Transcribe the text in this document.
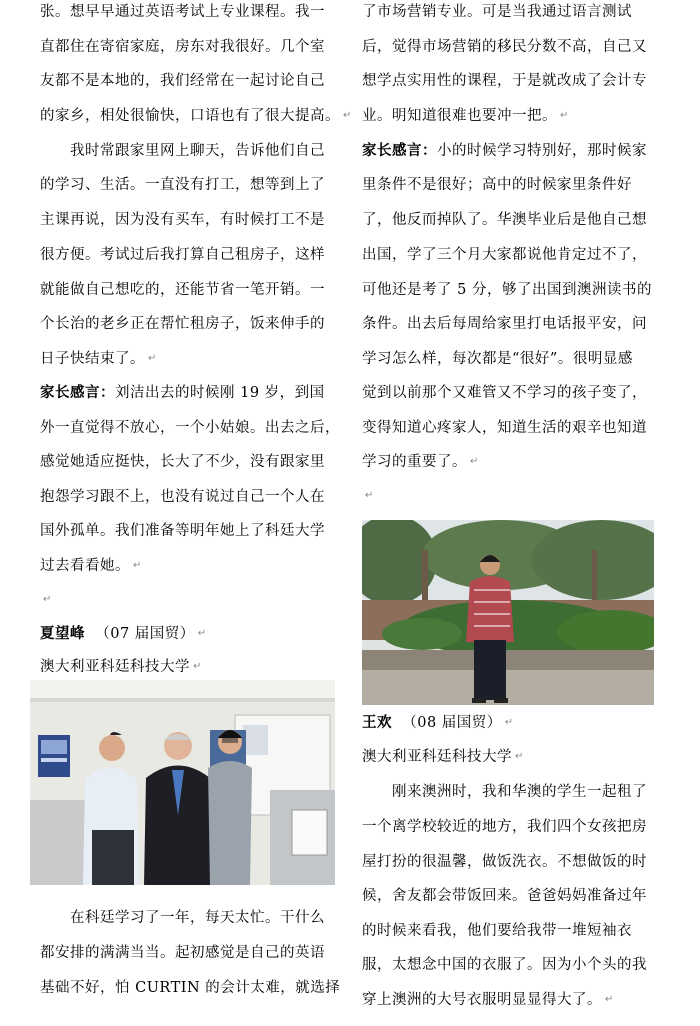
张。想早早通过英语考试上专业课程。我一
直都住在寄宿家庭，房东对我很好。几个室
友都不是本地的，我们经常在一起讨论自己
的家乡，相处很愉快，口语也有了很大提高。 ↵
我时常跟家里网上聊天，告诉他们自己
的学习、生活。一直没有打工，想等到上了
主课再说，因为没有买车，有时候打工不是
很方便。考试过后我打算自己租房子，这样
就能做自己想吃的，还能节省一笔开销。一
个长治的老乡正在帮忙租房子，饭来伸手的
日子快结束了。 ↵
家长感言：刘洁出去的时候刚 19 岁，到国
外一直觉得不放心，一个小姑娘。出去之后，
感觉她适应挺快，长大了不少，没有跟家里
抱怨学习跟不上，也没有说过自己一个人在
国外孤单。我们准备等明年她上了科廷大学
过去看看她。 ↵
↵
夏望峰 （07 届国贸） ↵
澳大利亚科廷科技大学 ↵
在科廷学习了一年，每天太忙。干什么
都安排的满满当当。起初感觉是自己的英语
基础不好，怕 CURTIN 的会计太难，就选择
了市场营销专业。可是当我通过语言测试
后，觉得市场营销的移民分数不高，自己又
想学点实用性的课程，于是就改成了会计专
业。明知道很难也要冲一把。 ↵
家长感言：小的时候学习特别好，那时候家
里条件不是很好；高中的时候家里条件好
了，他反而掉队了。华澳毕业后是他自己想
出国，学了三个月大家都说他肯定过不了，
可他还是考了 5 分，够了出国到澳洲读书的
条件。出去后每周给家里打电话报平安，问
学习怎么样，每次都是“很好”。很明显感
觉到以前那个又难管又不学习的孩子变了，
变得知道心疼家人，知道生活的艰辛也知道
学习的重要了。 ↵
↵
王欢 （08 届国贸） ↵
澳大利亚科廷科技大学 ↵
刚来澳洲时，我和华澳的学生一起租了
一个离学校较近的地方，我们四个女孩把房
屋打扮的很温馨，做饭洗衣。不想做饭的时
候，舍友都会带饭回来。爸爸妈妈准备过年
的时候来看我，他们要给我带一堆短袖衣
服，太想念中国的衣服了。因为小个头的我
穿上澳洲的大号衣服明显显得大了。 ↵
